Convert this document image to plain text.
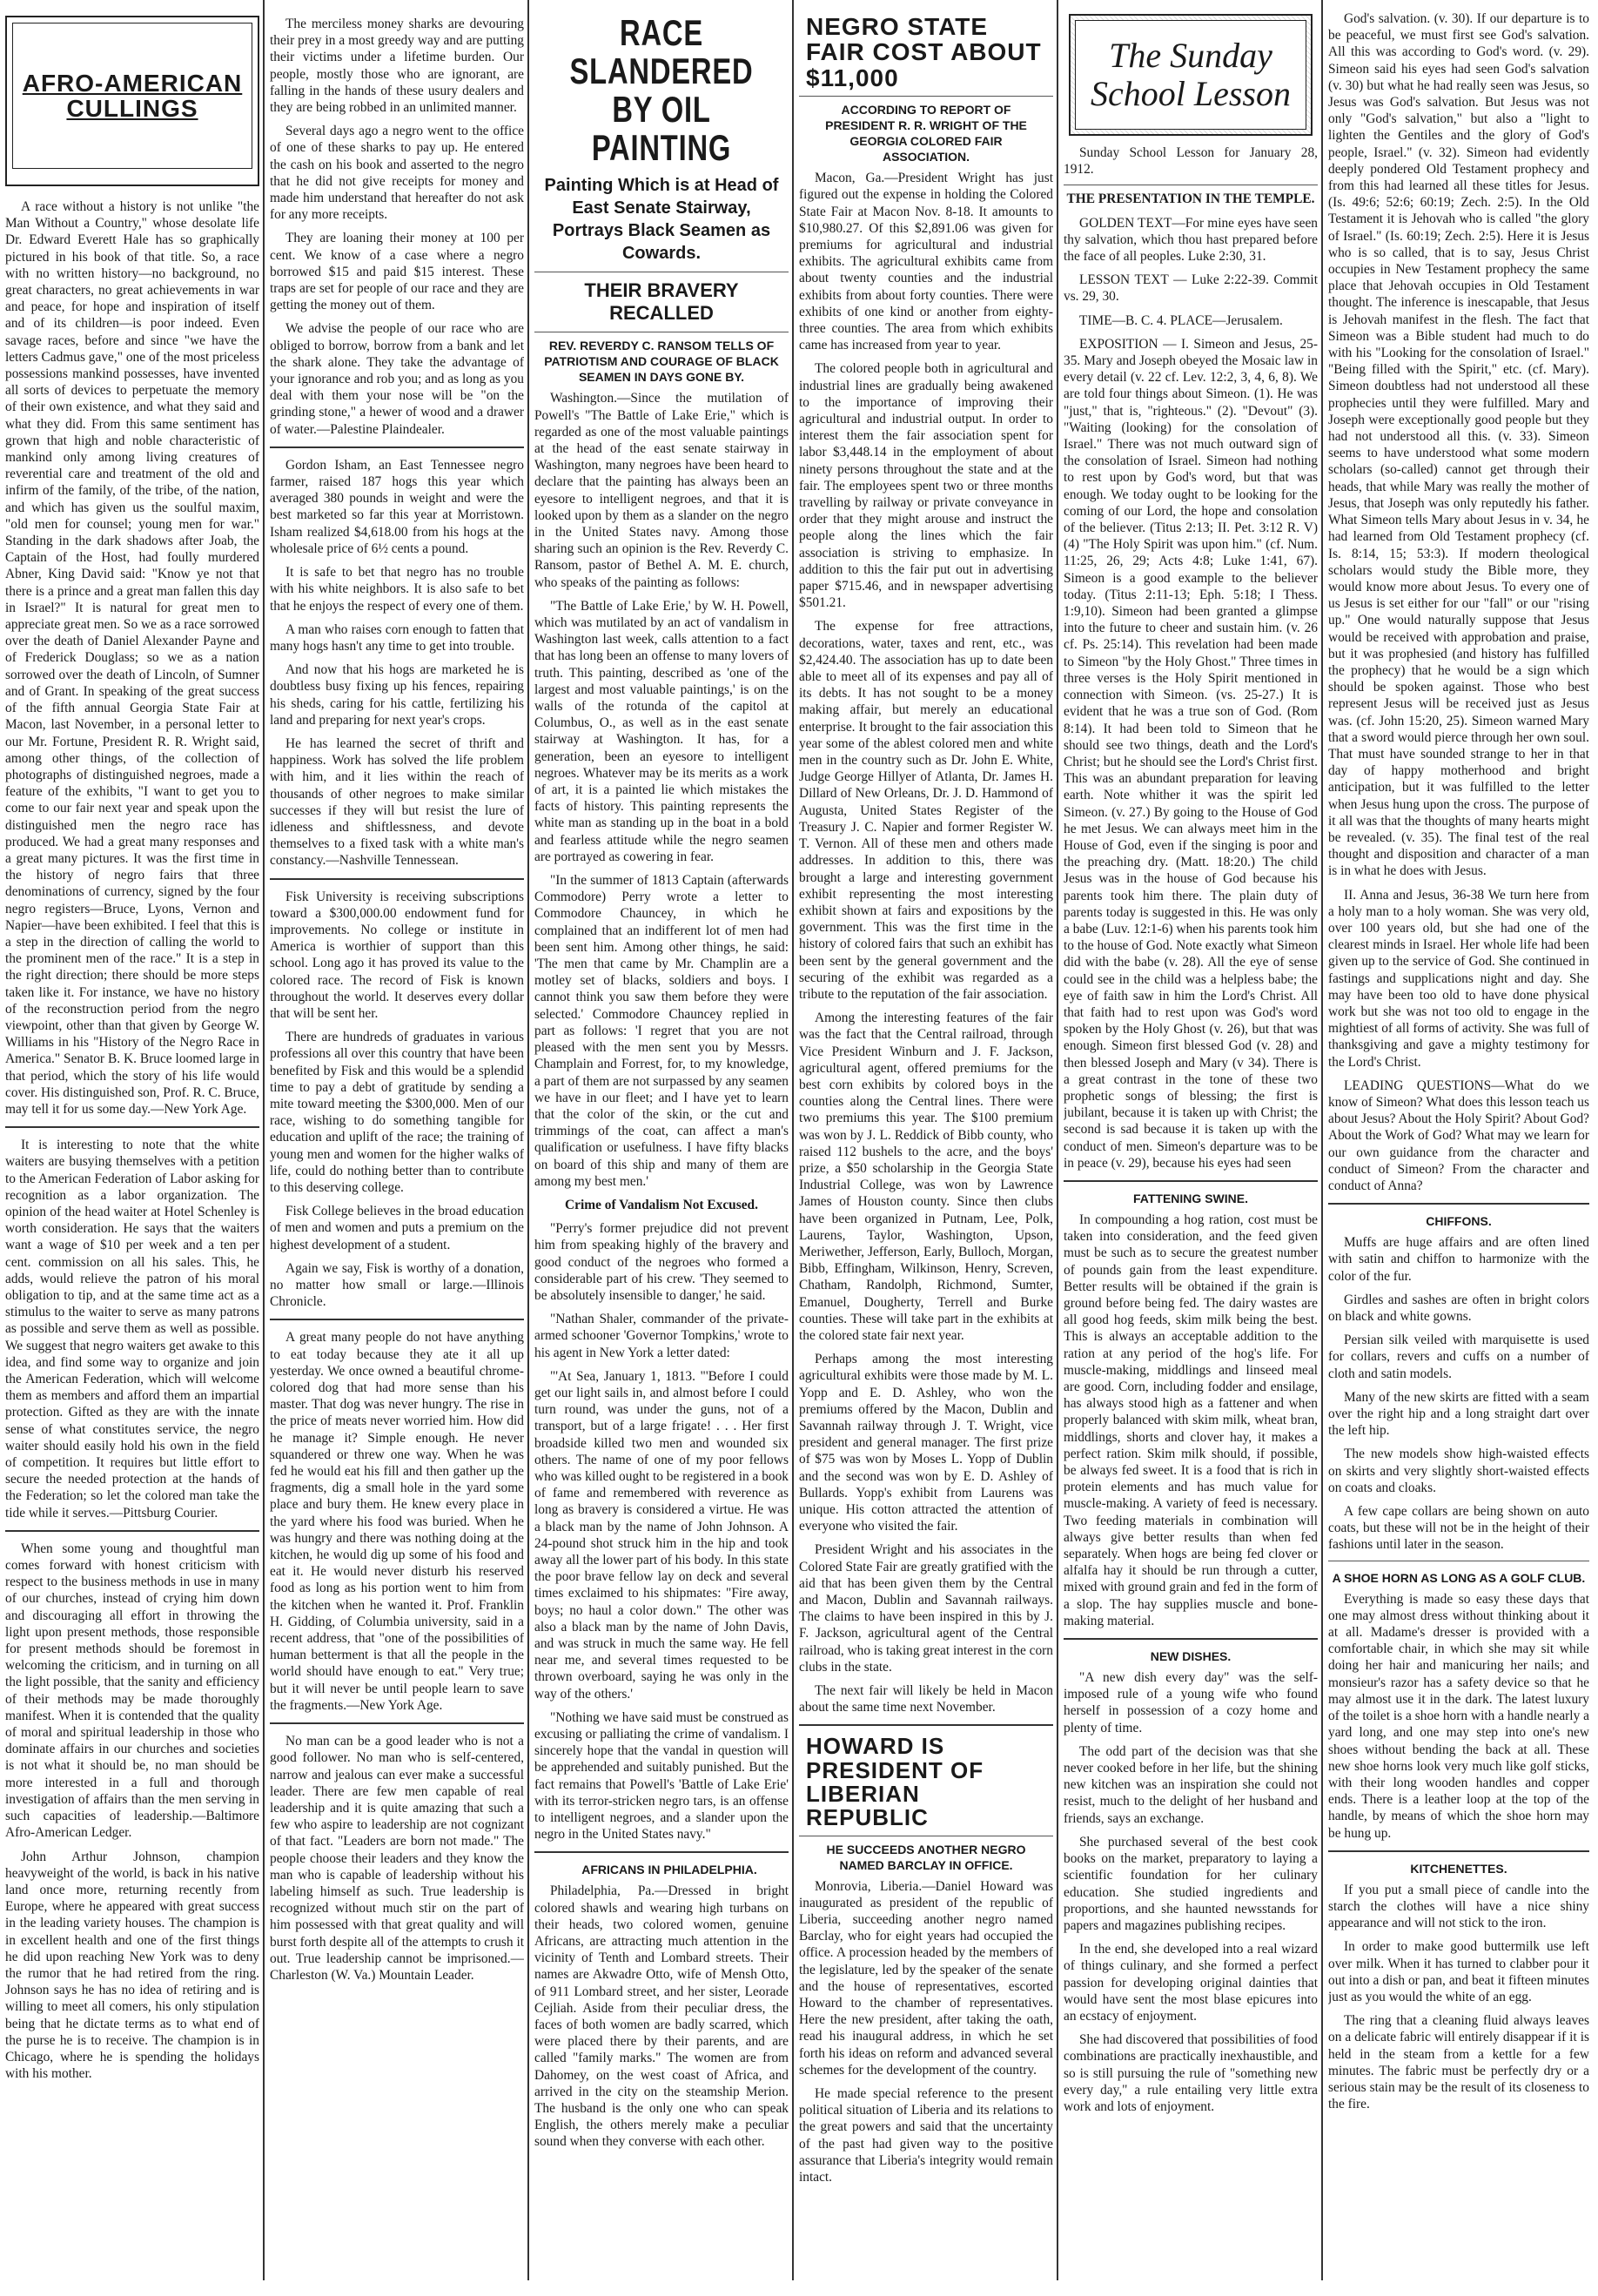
AFRO-AMERICAN CULLINGS

A race without a history is not unlike "the Man Without a Country," whose desolate life Dr. Edward Everett Hale has so graphically pictured in his book of that title. So, a race with no written history—no background, no great characters, no great achievements in war and peace, for hope and inspiration of itself and of its children—is poor indeed. Even savage races, before and since "we have the letters Cadmus gave," one of the most priceless possessions mankind possesses, have invented all sorts of devices to perpetuate the memory of their own existence, and what they said and what they did. From this same sentiment has grown that high and noble characteristic of mankind only among living creatures of reverential care and treatment of the old and infirm of the family, of the tribe, of the nation, and which has given us the soulful maxim, "old men for counsel; young men for war." Standing in the dark shadows after Joab, the Captain of the Host, had foully murdered Abner, King David said: "Know ye not that there is a prince and a great man fallen this day in Israel?" It is natural for great men to appreciate great men. So we as a race sorrowed over the death of Daniel Alexander Payne and of Frederick Douglass; so we as a nation sorrowed over the death of Lincoln, of Sumner and of Grant. In speaking of the great success of the fifth annual Georgia State Fair at Macon, last November, in a personal letter to our Mr. Fortune, President R. R. Wright said, among other things, of the collection of photographs of distinguished negroes, made a feature of the exhibits, "I want to get you to come to our fair next year and speak upon the distinguished men the negro race has produced. We had a great many responses and a great many pictures. It was the first time in the history of negro fairs that three denominations of currency, signed by the four negro registers—Bruce, Lyons, Vernon and Napier—have been exhibited. I feel that this is a step in the direction of calling the world to the prominent men of the race." It is a step in the right direction; there should be more steps taken like it. For instance, we have no history of the reconstruction period from the negro viewpoint, other than that given by George W. Williams in his "History of the Negro Race in America." Senator B. K. Bruce loomed large in that period, which the story of his life would cover. His distinguished son, Prof. R. C. Bruce, may tell it for us some day.—New York Age.

It is interesting to note that the white waiters are busying themselves with a petition to the American Federation of Labor asking for recognition as a labor organization. The opinion of the head waiter at Hotel Schenley is worth consideration. He says that the waiters want a wage of $10 per week and a ten per cent. commission on all his sales. This, he adds, would relieve the patron of his moral obligation to tip, and at the same time act as a stimulus to the waiter to serve as many patrons as possible and serve them as well as possible. We suggest that negro waiters get awake to this idea, and find some way to organize and join the American Federation, which will welcome them as members and afford them an impartial protection. Gifted as they are with the innate sense of what constitutes service, the negro waiter should easily hold his own in the field of competition. It requires but little effort to secure the needed protection at the hands of the Federation; so let the colored man take the tide while it serves.—Pittsburg Courier.

When some young and thoughtful man comes forward with honest criticism with respect to the business methods in use in many of our churches, instead of crying him down and discouraging all effort in throwing the light upon present methods, those responsible for present methods should be foremost in welcoming the criticism, and in turning on all the light possible, that the sanity and efficiency of their methods may be made thoroughly manifest. When it is contended that the quality of moral and spiritual leadership in those who dominate affairs in our churches and societies is not what it should be, no man should be more interested in a full and thorough investigation of affairs than the men serving in such capacities of leadership.—Baltimore Afro-American Ledger.

John Arthur Johnson, champion heavyweight of the world, is back in his native land once more, returning recently from Europe, where he appeared with great success in the leading variety houses. The champion is in excellent health and one of the first things he did upon reaching New York was to deny the rumor that he had retired from the ring. Johnson says he has no idea of retiring and is willing to meet all comers, his only stipulation being that he dictate terms as to what end of the purse he is to receive. The champion is in Chicago, where he is spending the holidays with his mother.

The merciless money sharks are devouring their prey in a most greedy way and are putting their victims under a lifetime burden. Our people, mostly those who are ignorant, are falling in the hands of these usury dealers and they are being robbed in an unlimited manner.

Several days ago a negro went to the office of one of these sharks to pay up. He entered the cash on his book and asserted to the negro that he did not give receipts for money and made him understand that hereafter do not ask for any more receipts.

They are loaning their money at 100 per cent. We know of a case where a negro borrowed $15 and paid $15 interest. These traps are set for people of our race and they are getting the money out of them.

We advise the people of our race who are obliged to borrow, borrow from a bank and let the shark alone. They take the advantage of your ignorance and rob you; and as long as you deal with them your nose will be "on the grinding stone," a hewer of wood and a drawer of water.—Palestine Plaindealer.

Gordon Isham, an East Tennessee negro farmer, raised 187 hogs this year which averaged 380 pounds in weight and were the best marketed so far this year at Morristown. Isham realized $4,618.00 from his hogs at the wholesale price of 6½ cents a pound.

It is safe to bet that negro has no trouble with his white neighbors. It is also safe to bet that he enjoys the respect of every one of them.

A man who raises corn enough to fatten that many hogs hasn't any time to get into trouble.

And now that his hogs are marketed he is doubtless busy fixing up his fences, repairing his sheds, caring for his cattle, fertilizing his land and preparing for next year's crops.

He has learned the secret of thrift and happiness. Work has solved the life problem with him, and it lies within the reach of thousands of other negroes to make similar successes if they will but resist the lure of idleness and shiftlessness, and devote themselves to a fixed task with a white man's constancy.—Nashville Tennessean.

Fisk University is receiving subscriptions toward a $300,000.00 endowment fund for improvements. No college or institute in America is worthier of support than this school. Long ago it has proved its value to the colored race. The record of Fisk is known throughout the world. It deserves every dollar that will be sent her.

There are hundreds of graduates in various professions all over this country that have been benefited by Fisk and this would be a splendid time to pay a debt of gratitude by sending a mite toward meeting the $300,000. Men of our race, wishing to do something tangible for education and uplift of the race; the training of young men and women for the higher walks of life, could do nothing better than to contribute to this deserving college.

Fisk College believes in the broad education of men and women and puts a premium on the highest development of a student.

Again we say, Fisk is worthy of a donation, no matter how small or large.—Illinois Chronicle.

A great many people do not have anything to eat today because they ate it all up yesterday. We once owned a beautiful chrome-colored dog that had more sense than his master. That dog was never hungry. The rise in the price of meats never worried him. How did he manage it? Simple enough. He never squandered or threw one way. When he was fed he would eat his fill and then gather up the fragments, dig a small hole in the yard some place and bury them. He knew every place in the yard where his food was buried. When he was hungry and there was nothing doing at the kitchen, he would dig up some of his food and eat it. He would never disturb his reserved food as long as his portion went to him from the kitchen when he wanted it. Prof. Franklin H. Gidding, of Columbia university, said in a recent address, that "one of the possibilities of human betterment is that all the people in the world should have enough to eat." Very true; but it will never be until people learn to save the fragments.—New York Age.

No man can be a good leader who is not a good follower. No man who is self-centered, narrow and jealous can ever make a successful leader. There are few men capable of real leadership and it is quite amazing that such a few who aspire to leadership are not cognizant of that fact. "Leaders are born not made." The people choose their leaders and they know the man who is capable of leadership without his labeling himself as such. True leadership is recognized without much stir on the part of him possessed with that great quality and will burst forth despite all of the attempts to crush it out. True leadership cannot be imprisoned.—Charleston (W. Va.) Mountain Leader.

RACE SLANDERED BY OIL PAINTING
Painting Which is at Head of East Senate Stairway, Portrays Black Seamen as Cowards.
THEIR BRAVERY RECALLED
REV. REVERDY C. RANSOM TELLS OF PATRIOTISM AND COURAGE OF BLACK SEAMEN IN DAYS GONE BY.

Washington.—Since the mutilation of Powell's "The Battle of Lake Erie," which is regarded as one of the most valuable paintings at the head of the east senate stairway in Washington, many negroes have been heard to declare that the painting has always been an eyesore to intelligent negroes, and that it is looked upon by them as a slander on the negro in the United States navy. Among those sharing such an opinion is the Rev. Reverdy C. Ransom, pastor of Bethel A. M. E. church, who speaks of the painting as follows:

"The Battle of Lake Erie,' by W. H. Powell, which was mutilated by an act of vandalism in Washington last week, calls attention to a fact that has long been an offense to many lovers of truth. This painting, described as 'one of the largest and most valuable paintings,' is on the walls of the rotunda of the capitol at Columbus, O., as well as in the east senate stairway at Washington. It has, for a generation, been an eyesore to intelligent negroes. Whatever may be its merits as a work of art, it is a painted lie which mistakes the facts of history. This painting represents the white man as standing up in the boat in a bold and fearless attitude while the negro seamen are portrayed as cowering in fear.

"In the summer of 1813 Captain (afterwards Commodore) Perry wrote a letter to Commodore Chauncey, in which he complained that an indifferent lot of men had been sent him. Among other things, he said: 'The men that came by Mr. Champlin are a motley set of blacks, soldiers and boys. I cannot think you saw them before they were selected.' Commodore Chauncey replied in part as follows: 'I regret that you are not pleased with the men sent you by Messrs. Champlain and Forrest, for, to my knowledge, a part of them are not surpassed by any seamen we have in our fleet; and I have yet to learn that the color of the skin, or the cut and trimmings of the coat, can affect a man's qualification or usefulness. I have fifty blacks on board of this ship and many of them are among my best men.'

Crime of Vandalism Not Excused.

"Perry's former prejudice did not prevent him from speaking highly of the bravery and good conduct of the negroes who formed a considerable part of his crew. 'They seemed to be absolutely insensible to danger,' he said.

"Nathan Shaler, commander of the private-armed schooner 'Governor Tompkins,' wrote to his agent in New York a letter dated:

"'At Sea, January 1, 1813. "'Before I could get our light sails in, and almost before I could turn round, was under the guns, not of a transport, but of a large frigate! . . . Her first broadside killed two men and wounded six others. The name of one of my poor fellows who was killed ought to be registered in a book of fame and remembered with reverence as long as bravery is considered a virtue. He was a black man by the name of John Johnson. A 24-pound shot struck him in the hip and took away all the lower part of his body. In this state the poor brave fellow lay on deck and several times exclaimed to his shipmates: "Fire away, boys; no haul a color down." The other was also a black man by the name of John Davis, and was struck in much the same way. He fell near me, and several times requested to be thrown overboard, saying he was only in the way of the others.'

"Nothing we have said must be construed as excusing or palliating the crime of vandalism. I sincerely hope that the vandal in question will be apprehended and suitably punished. But the fact remains that Powell's 'Battle of Lake Erie' with its terror-stricken negro tars, is an offense to intelligent negroes, and a slander upon the negro in the United States navy."

AFRICANS IN PHILADELPHIA.

Philadelphia, Pa.—Dressed in bright colored shawls and wearing high turbans on their heads, two colored women, genuine Africans, are attracting much attention in the vicinity of Tenth and Lombard streets. Their names are Akwadre Otto, wife of Mensh Otto, of 911 Lombard street, and her sister, Leorade Cejliah. Aside from their peculiar dress, the faces of both women are badly scarred, which were placed there by their parents, and are called "family marks." The women are from Dahomey, on the west coast of Africa, and arrived in the city on the steamship Merion. The husband is the only one who can speak English, the others merely make a peculiar sound when they converse with each other.

NEGRO STATE FAIR COST ABOUT $11,000
ACCORDING TO REPORT OF PRESIDENT R. R. WRIGHT OF THE GEORGIA COLORED FAIR ASSOCIATION.

Macon, Ga.—President Wright has just figured out the expense in holding the Colored State Fair at Macon Nov. 8-18. It amounts to $10,980.27. Of this $2,891.06 was given for premiums for agricultural and industrial exhibits. The agricultural exhibits came from about twenty counties and the industrial exhibits from about forty counties. There were exhibits of one kind or another from eighty-three counties. The area from which exhibits came has increased from year to year.

The colored people both in agricultural and industrial lines are gradually being awakened to the importance of improving their agricultural and industrial output. In order to interest them the fair association spent for labor $3,448.14 in the employment of about ninety persons throughout the state and at the fair. The employees spent two or three months travelling by railway or private conveyance in order that they might arouse and instruct the people along the lines which the fair association is striving to emphasize. In addition to this the fair put out in advertising paper $715.46, and in newspaper advertising $501.21.

The expense for free attractions, decorations, water, taxes and rent, etc., was $2,424.40. The association has up to date been able to meet all of its expenses and pay all of its debts. It has not sought to be a money making affair, but merely an educational enterprise. It brought to the fair association this year some of the ablest colored men and white men in the country such as Dr. John E. White, Judge George Hillyer of Atlanta, Dr. James H. Dillard of New Orleans, Dr. J. D. Hammond of Augusta, United States Register of the Treasury J. C. Napier and former Register W. T. Vernon. All of these men and others made addresses. In addition to this, there was brought a large and interesting government exhibit representing the most interesting exhibit shown at fairs and expositions by the government. This was the first time in the history of colored fairs that such an exhibit has been sent by the general government and the securing of the exhibit was regarded as a tribute to the reputation of the fair association.

Among the interesting features of the fair was the fact that the Central railroad, through Vice President Winburn and J. F. Jackson, agricultural agent, offered premiums for the best corn exhibits by colored boys in the counties along the Central lines. There were two premiums this year. The $100 premium was won by J. L. Reddick of Bibb county, who raised 112 bushels to the acre, and the boys' prize, a $50 scholarship in the Georgia State Industrial College, was won by Lawrence James of Houston county. Since then clubs have been organized in Putnam, Lee, Polk, Laurens, Taylor, Washington, Upson, Meriwether, Jefferson, Early, Bulloch, Morgan, Bibb, Effingham, Wilkinson, Henry, Screven, Chatham, Randolph, Richmond, Sumter, Emanuel, Dougherty, Terrell and Burke counties. These will take part in the exhibits at the colored state fair next year.

Perhaps among the most interesting agricultural exhibits were those made by M. L. Yopp and E. D. Ashley, who won the premiums offered by the Macon, Dublin and Savannah railway through J. T. Wright, vice president and general manager. The first prize of $75 was won by Moses L. Yopp of Dublin and the second was won by E. D. Ashley of Bullards. Yopp's exhibit from Laurens was unique. His cotton attracted the attention of everyone who visited the fair.

President Wright and his associates in the Colored State Fair are greatly gratified with the aid that has been given them by the Central and Macon, Dublin and Savannah railways. The claims to have been inspired in this by J. F. Jackson, agricultural agent of the Central railroad, who is taking great interest in the corn clubs in the state.

The next fair will likely be held in Macon about the same time next November.

HOWARD IS PRESIDENT OF LIBERIAN REPUBLIC
HE SUCCEEDS ANOTHER NEGRO NAMED BARCLAY IN OFFICE.

Monrovia, Liberia.—Daniel Howard was inaugurated as president of the republic of Liberia, succeeding another negro named Barclay, who for eight years had occupied the office. A procession headed by the members of the legislature, led by the speaker of the senate and the house of representatives, escorted Howard to the chamber of representatives. Here the new president, after taking the oath, read his inaugural address, in which he set forth his ideas on reform and advanced several schemes for the development of the country.

He made special reference to the present political situation of Liberia and its relations to the great powers and said that the uncertainty of the past had given way to the positive assurance that Liberia's integrity would remain intact.

The Sunday School Lesson

Sunday School Lesson for January 28, 1912.

THE PRESENTATION IN THE TEMPLE.

GOLDEN TEXT—For mine eyes have seen thy salvation, which thou hast prepared before the face of all peoples. Luke 2:30, 31.

LESSON TEXT — Luke 2:22-39. Commit vs. 29, 30.

TIME—B. C. 4. PLACE—Jerusalem.

EXPOSITION — I. Simeon and Jesus, 25-35. Mary and Joseph obeyed the Mosaic law in every detail (v. 22 cf. Lev. 12:2, 3, 4, 6, 8). We are told four things about Simeon. (1). He was "just," that is, "righteous." (2). "Devout" (3). "Waiting (looking) for the consolation of Israel." There was not much outward sign of the consolation of Israel. Simeon had nothing to rest upon by God's word, but that was enough. We today ought to be looking for the coming of our Lord, the hope and consolation of the believer. (Titus 2:13; II. Pet. 3:12 R. V) (4) "The Holy Spirit was upon him." (cf. Num. 11:25, 26, 29; Acts 4:8; Luke 1:41, 67). Simeon is a good example to the believer today. (Titus 2:11-13; Eph. 5:18; I Thess. 1:9,10). Simeon had been granted a glimpse into the future to cheer and sustain him. (v. 26 cf. Ps. 25:14). This revelation had been made to Simeon "by the Holy Ghost." Three times in three verses is the Holy Spirit mentioned in connection with Simeon. (vs. 25-27.) It is evident that he was a true son of God. (Rom 8:14). It had been told to Simeon that he should see two things, death and the Lord's Christ; but he should see the Lord's Christ first. This was an abundant preparation for leaving earth. Note whither it was the spirit led Simeon. (v. 27.) By going to the House of God he met Jesus. We can always meet him in the House of God, even if the singing is poor and the preaching dry. (Matt. 18:20.) The child Jesus was in the house of God because his parents took him there. The plain duty of parents today is suggested in this. He was only a babe (Luv. 12:1-6) when his parents took him to the house of God. Note exactly what Simeon did with the babe (v. 28). All the eye of sense could see in the child was a helpless babe; the eye of faith saw in him the Lord's Christ. All that faith had to rest upon was God's word spoken by the Holy Ghost (v. 26), but that was enough. Simeon first blessed God (v. 28) and then blessed Joseph and Mary (v 34). There is a great contrast in the tone of these two prophetic songs of blessing; the first is jubilant, because it is taken up with Christ; the second is sad because it is taken up with the conduct of men. Simeon's departure was to be in peace (v. 29), because his eyes had seen

FATTENING SWINE.

In compounding a hog ration, cost must be taken into consideration, and the feed given must be such as to secure the greatest number of pounds gain from the least expenditure. Better results will be obtained if the grain is ground before being fed. The dairy wastes are all good hog feeds, skim milk being the best. This is always an acceptable addition to the ration at any period of the hog's life. For muscle-making, middlings and linseed meal are good. Corn, including fodder and ensilage, has always stood high as a fattener and when properly balanced with skim milk, wheat bran, middlings, shorts and clover hay, it makes a perfect ration. Skim milk should, if possible, be always fed sweet. It is a food that is rich in protein elements and has much value for muscle-making. A variety of feed is necessary. Two feeding materials in combination will always give better results than when fed separately. When hogs are being fed clover or alfalfa hay it should be run through a cutter, mixed with ground grain and fed in the form of a slop. The hay supplies muscle and bone-making material.

NEW DISHES.

"A new dish every day" was the self-imposed rule of a young wife who found herself in possession of a cozy home and plenty of time.

The odd part of the decision was that she never cooked before in her life, but the shining new kitchen was an inspiration she could not resist, much to the delight of her husband and friends, says an exchange.

She purchased several of the best cook books on the market, preparatory to laying a scientific foundation for her culinary education. She studied ingredients and proportions, and she haunted newsstands for papers and magazines publishing recipes.

In the end, she developed into a real wizard of things culinary, and she formed a perfect passion for developing original dainties that would have sent the most blase epicures into an ecstacy of enjoyment.

She had discovered that possibilities of food combinations are practically inexhaustible, and so is still pursuing the rule of "something new every day," a rule entailing very little extra work and lots of enjoyment.

God's salvation. (v. 30). If our departure is to be peaceful, we must first see God's salvation. All this was according to God's word. (v. 29). Simeon said his eyes had seen God's salvation (v. 30) but what he had really seen was Jesus, so Jesus was God's salvation. But Jesus was not only "God's salvation," but also a "light to lighten the Gentiles and the glory of God's people, Israel." (v. 32). Simeon had evidently deeply pondered Old Testament prophecy and from this had learned all these titles for Jesus. (Is. 49:6; 52:6; 60:19; Zech. 2:5). In the Old Testament it is Jehovah who is called "the glory of Israel." (Is. 60:19; Zech. 2:5). Here it is Jesus who is so called, that is to say, Jesus Christ occupies in New Testament prophecy the same place that Jehovah occupies in Old Testament thought. The inference is inescapable, that Jesus is Jehovah manifest in the flesh. The fact that Simeon was a Bible student had much to do with his "Looking for the consolation of Israel." "Being filled with the Spirit," etc. (cf. Mary). Simeon doubtless had not understood all these prophecies until they were fulfilled. Mary and Joseph were exceptionally good people but they had not understood all this. (v. 33). Simeon seems to have understood what some modern scholars (so-called) cannot get through their heads, that while Mary was really the mother of Jesus, that Joseph was only reputedly his father. What Simeon tells Mary about Jesus in v. 34, he had learned from Old Testament prophecy (cf. Is. 8:14, 15; 53:3). If modern theological scholars would study the Bible more, they would know more about Jesus. To every one of us Jesus is set either for our "fall" or our "rising up." One would naturally suppose that Jesus would be received with approbation and praise, but it was prophesied (and history has fulfilled the prophecy) that he would be a sign which should be spoken against. Those who best represent Jesus will be received just as Jesus was. (cf. John 15:20, 25). Simeon warned Mary that a sword would pierce through her own soul. That must have sounded strange to her in that day of happy motherhood and bright anticipation, but it was fulfilled to the letter when Jesus hung upon the cross. The purpose of it all was that the thoughts of many hearts might be revealed. (v. 35). The final test of the real thought and disposition and character of a man is in what he does with Jesus.

II. Anna and Jesus, 36-38 We turn here from a holy man to a holy woman. She was very old, over 100 years old, but she had one of the clearest minds in Israel. Her whole life had been given up to the service of God. She continued in fastings and supplications night and day. She may have been too old to have done physical work but she was not too old to engage in the mightiest of all forms of activity. She was full of thanksgiving and gave a mighty testimony for the Lord's Christ.

LEADING QUESTIONS—What do we know of Simeon? What does this lesson teach us about Jesus? About the Holy Spirit? About God? About the Work of God? What may we learn for our own guidance from the character and conduct of Simeon? From the character and conduct of Anna?

CHIFFONS.

Muffs are huge affairs and are often lined with satin and chiffon to harmonize with the color of the fur.

Girdles and sashes are often in bright colors on black and white gowns.

Persian silk veiled with marquisette is used for collars, revers and cuffs on a number of cloth and satin models.

Many of the new skirts are fitted with a seam over the right hip and a long straight dart over the left hip.

The new models show high-waisted effects on skirts and very slightly short-waisted effects on coats and cloaks.

A few cape collars are being shown on auto coats, but these will not be in the height of their fashions until later in the season.

A SHOE HORN AS LONG AS A GOLF CLUB.

Everything is made so easy these days that one may almost dress without thinking about it at all. Madame's dresser is provided with a comfortable chair, in which she may sit while doing her hair and manicuring her nails; and monsieur's razor has a safety device so that he may almost use it in the dark. The latest luxury of the toilet is a shoe horn with a handle nearly a yard long, and one may step into one's new shoes without bending the back at all. These new shoe horns look very much like golf sticks, with their long wooden handles and copper ends. There is a leather loop at the top of the handle, by means of which the shoe horn may be hung up.

KITCHENETTES.

If you put a small piece of candle into the starch the clothes will have a nice shiny appearance and will not stick to the iron.

In order to make good buttermilk use left over milk. When it has turned to clabber pour it out into a dish or pan, and beat it fifteen minutes just as you would the white of an egg.

The ring that a cleaning fluid always leaves on a delicate fabric will entirely disappear if it is held in the steam from a kettle for a few minutes. The fabric must be perfectly dry or a serious stain may be the result of its closeness to the fire.
